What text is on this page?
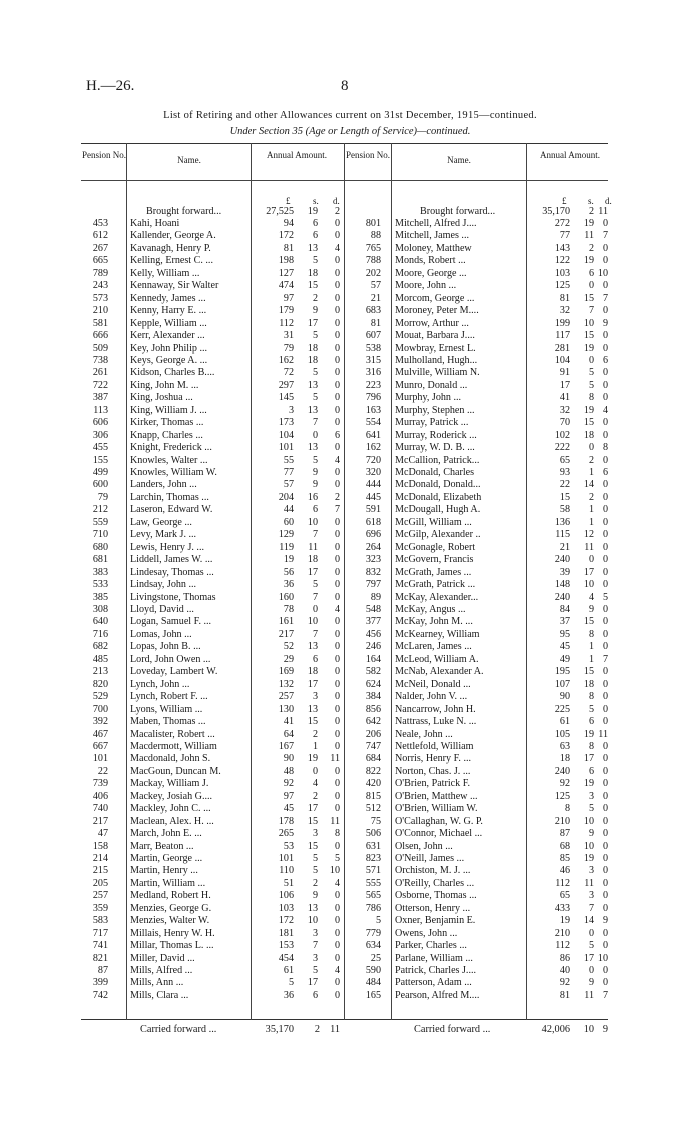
H.—26.	8
List of Retiring and other Allowances current on 31st December, 1915—continued.
Under Section 35 (Age or Length of Service)—continued.
Pension No.	Name.	Annual Amount.	Pension No.	Name.	Annual Amount.
£	s. d.	£ s. d.
Brought forward...	27,525	19	2
453 Kahi, Hoani	94	6	0
612 Kallender, George A.	172	6	0
267 Kavanagh, Henry P.	81	13	4
665 Kelling, Ernest C. ...	198	5	0
789 Kelly, William ...	127	18	0
243 Kennaway, Sir Walter	474	15	0
573 Kennedy, James ...	97	2	0
210 Kenny, Harry E. ...	179	9	0
581 Kepple, William ...	112	17	0
666 Kerr, Alexander ...	31	5	0
509 Key, John Philip ...	79	18	0
738 Keys, George A. ...	162	18	0
261 Kidson, Charles B....	72	5	0
722 King, John M. ...	297	13	0
387 King, Joshua ...	145	5	0
113 King, William J. ...	3	13	0
606 Kirker, Thomas ...	173	7	0
306 Knapp, Charles ...	104	0	6
455 Knight, Frederick ...	101	13	0
155 Knowles, Walter ...	55	5	4
499 Knowles, William W.	77	9	0
600 Landers, John ...	57	9	0
79 Larchin, Thomas ...	204	16	2
212 Laseron, Edward W.	44	6	7
559 Law, George ...	60	10	0
710 Levy, Mark J. ...	129	7	0
680 Lewis, Henry J. ...	119	11	0
681 Liddell, James W. ...	19	18	0
383 Lindesay, Thomas ...	56	17	0
533 Lindsay, John ...	36	5	0
385 Livingstone, Thomas	160	7	0
308 Lloyd, David ...	78	0	4
640 Logan, Samuel F. ...	161	10	0
716 Lomas, John ...	217	7	0
682 Lopas, John B. ...	52	13	0
485 Lord, John Owen ...	29	6	0
213 Loveday, Lambert W.	169	18	0
820 Lynch, John ...	132	17	0
529 Lynch, Robert F. ...	257	3	0
700 Lyons, William ...	130	13	0
392 Maben, Thomas ...	41	15	0
467 Macalister, Robert ...	64	2	0
667 Macdermott, William	167	1	0
101 Macdonald, John S.	90	19	11
22 MacGoun, Duncan M.	48	0	0
739 Mackay, William J.	92	4	0
406 Mackey, Josiah G....	97	2	0
740 Mackley, John C. ...	45	17	0
217 Maclean, Alex. H. ...	178	15	11
47 March, John E. ...	265	3	8
158 Marr, Beaton ...	53	15	0
214 Martin, George ...	101	5	5
215 Martin, Henry ...	110	5	10
205 Martin, William ...	51	2	4
257 Medland, Robert H.	106	9	0
359 Menzies, George G.	103	13	0
583 Menzies, Walter W.	172	10	0
717 Millais, Henry W. H.	181	3	0
741 Millar, Thomas L. ...	153	7	0
821 Miller, David ...	454	3	0
87 Mills, Alfred ...	61	5	4
399 Mills, Ann ...	5	17	0
742 Mills, Clara ...	36	6	0
Brought forward...	35,170	2 11
801 Mitchell, Alfred J....	272	19 0
88 Mitchell, James ...	77	11 7
765 Moloney, Matthew	143	2 0
788 Monds, Robert ...	122	19 0
202 Moore, George ...	103	6 10
57 Moore, John ...	125	0 0
21 Morcom, George ...	81	15 7
683 Moroney, Peter M....	32	7 0
81 Morrow, Arthur ...	199	10 9
607 Mouat, Barbara J....	117	15 0
538 Mowbray, Ernest L.	281	19 0
315 Mulholland, Hugh...	104	0 6
316 Mulville, William N.	91	5 0
223 Munro, Donald ...	17	5 0
796 Murphy, John ...	41	8 0
163 Murphy, Stephen ...	32	19 4
554 Murray, Patrick ...	70	15 0
641 Murray, Roderick ...	102	18 0
162 Murray, W. D. B. ...	222	0 8
720 McCallion, Patrick...	65	2 0
320 McDonald, Charles	93	1 6
444 McDonald, Donald...	22	14 0
445 McDonald, Elizabeth	15	2 0
591 McDougall, Hugh A.	58	1 0
618 McGill, William ...	136	1 0
696 McGilp, Alexander ..	115	12 0
264 McGonagle, Robert	21	11 0
323 McGovern, Francis	240	0 0
832 McGrath, James ...	39	17 0
797 McGrath, Patrick ...	148	10 0
89 McKay, Alexander...	240	4 5
548 McKay, Angus ...	84	9 0
377 McKay, John M. ...	37	15 0
456 McKearney, William	95	8 0
246 McLaren, James ...	45	1 0
164 McLeod, William A.	49	1 7
582 McNab, Alexander A.	195	15 0
624 McNeil, Donald ...	107	18 0
384 Nalder, John V. ...	90	8 0
856 Nancarrow, John H.	225	5 0
642 Nattrass, Luke N. ...	61	6 0
206 Neale, John ...	105	19 11
747 Nettlefold, William	63	8 0
684 Norris, Henry F. ...	18	17 0
822 Norton, Chas. J. ...	240	6 0
420 O'Brien, Patrick F.	92	19 0
815 O'Brien, Matthew ...	125	3 0
512 O'Brien, William W.	8	5 0
75 O'Callaghan, W. G. P.	210	10 0
506 O'Connor, Michael ...	87	9 0
631 Olsen, John ...	68	10 0
823 O'Neill, James ...	85	19 0
571 Orchiston, M. J. ...	46	3 0
555 O'Reilly, Charles ...	112	11 0
565 Osborne, Thomas ...	65	3 0
786 Otterson, Henry ...	433	7 0
5 Oxner, Benjamin E.	19	14 9
779 Owens, John ...	210	0 0
634 Parker, Charles ...	112	5 0
25 Parlane, William ...	86	17 10
590 Patrick, Charles J....	40	0 0
484 Patterson, Adam ...	92	9 0
165 Pearson, Alfred M....	81	11 7
Carried forward ...	35,170	2 11	Carried forward ...	42,006	10 9
